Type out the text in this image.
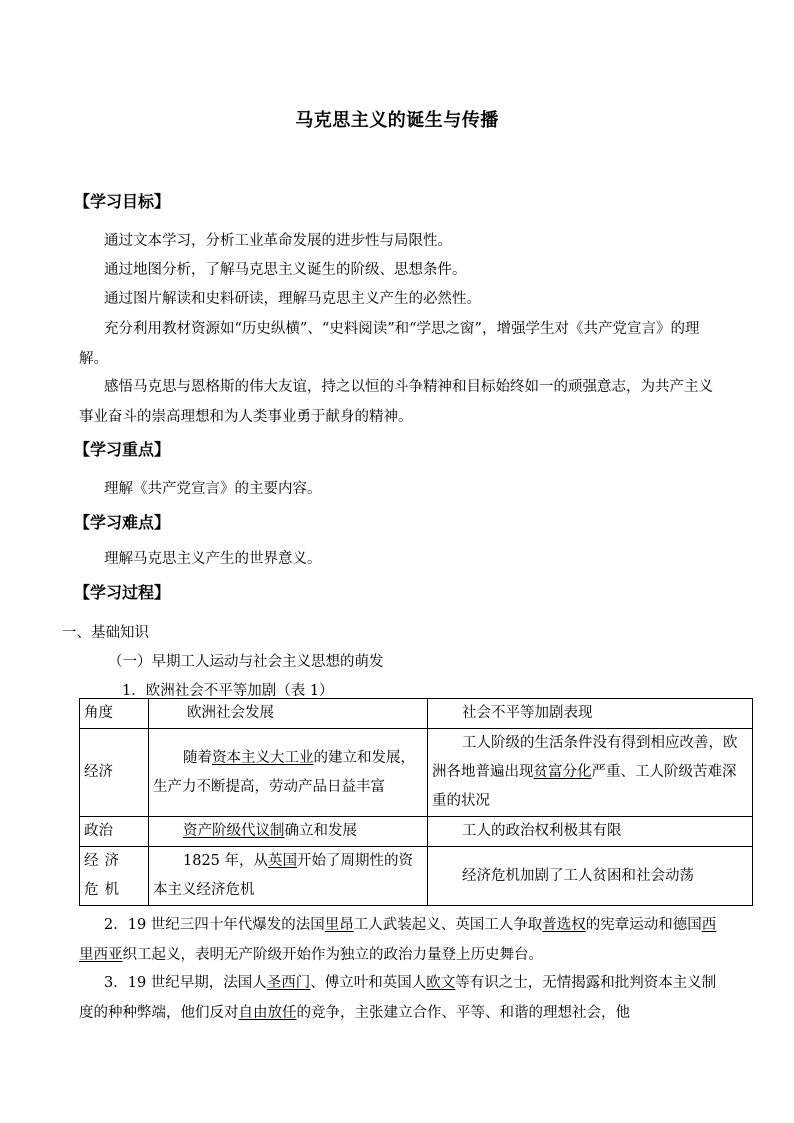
马克思主义的诞生与传播
【学习目标】
通过文本学习，分析工业革命发展的进步性与局限性。
通过地图分析，了解马克思主义诞生的阶级、思想条件。
通过图片解读和史料研读，理解马克思主义产生的必然性。
充分利用教材资源如“历史纵横”、“史料阅读”和“学思之窗”，增强学生对《共产党宣言》的理解。
感悟马克思与恩格斯的伟大友谊，持之以恒的斗争精神和目标始终如一的顽强意志，为共产主义事业奋斗的崇高理想和为人类事业勇于献身的精神。
【学习重点】
理解《共产党宣言》的主要内容。
【学习难点】
理解马克思主义产生的世界意义。
【学习过程】
一、基础知识
（一）早期工人运动与社会主义思想的萌发
1．欧洲社会不平等加剧（表 1）
角度	欧洲社会发展	社会不平等加剧表现
经济	随着资本主义大工业的建立和发展，生产力不断提高，劳动产品日益丰富	工人阶级的生活条件没有得到相应改善，欧洲各地普遍出现贫富分化严重、工人阶级苦难深重的状况
政治	资产阶级代议制确立和发展	工人的政治权利极其有限
经济危机	1825 年，从英国开始了周期性的资本主义经济危机	经济危机加剧了工人贫困和社会动荡
2．19 世纪三四十年代爆发的法国里昂工人武装起义、英国工人争取普选权的宪章运动和德国西里西亚织工起义，表明无产阶级开始作为独立的政治力量登上历史舞台。
3．19 世纪早期，法国人圣西门、傅立叶和英国人欧文等有识之士，无情揭露和批判资本主义制度的种种弊端，他们反对自由放任的竞争，主张建立合作、平等、和谐的理想社会，他
